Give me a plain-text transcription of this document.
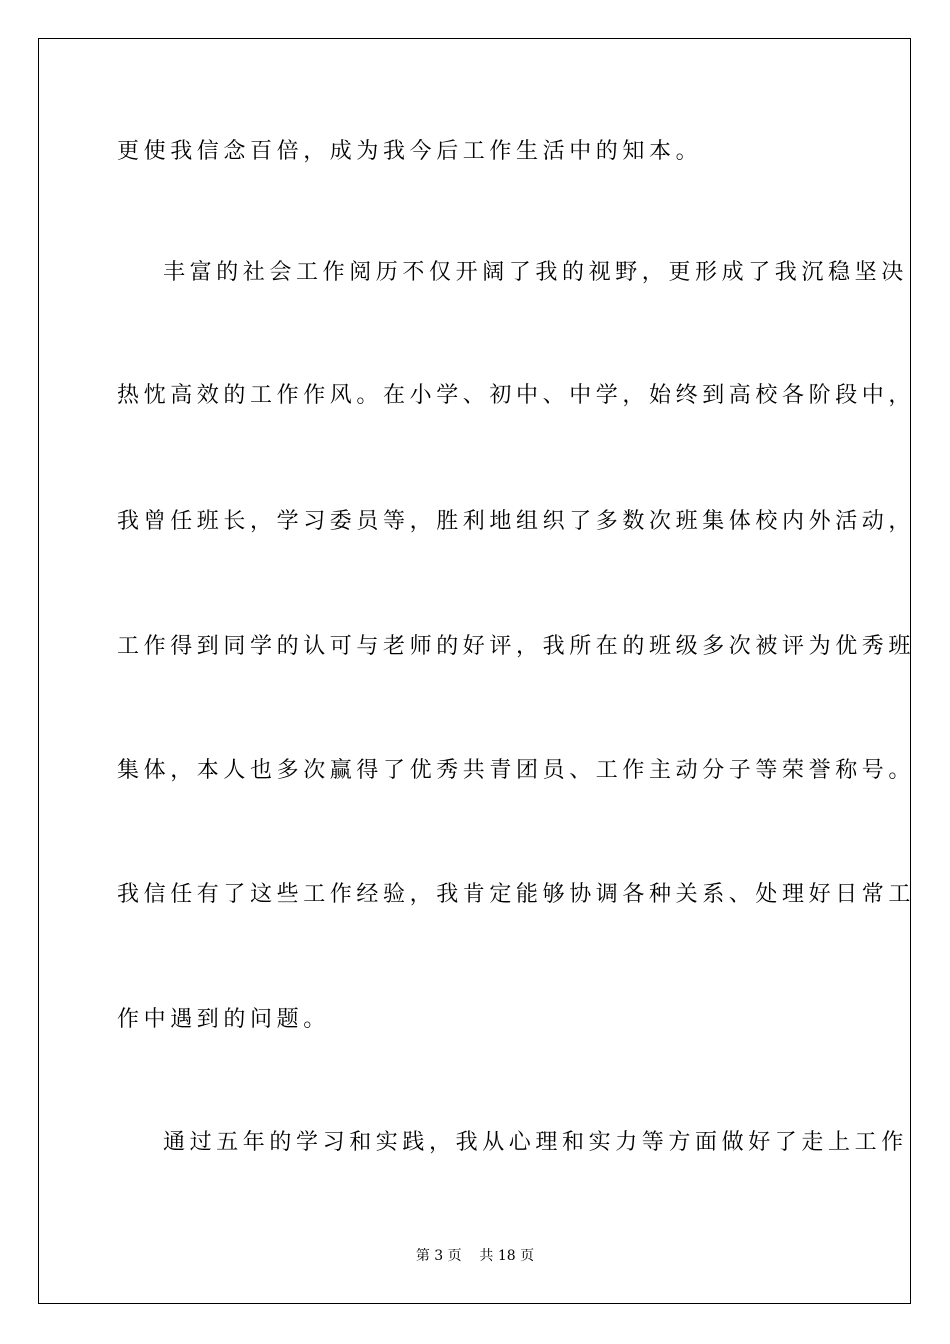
更使我信念百倍，成为我今后工作生活中的知本。
丰富的社会工作阅历不仅开阔了我的视野，更形成了我沉稳坚决
热忱高效的工作作风。在小学、初中、中学，始终到高校各阶段中，
我曾任班长，学习委员等，胜利地组织了多数次班集体校内外活动，
工作得到同学的认可与老师的好评，我所在的班级多次被评为优秀班
集体，本人也多次赢得了优秀共青团员、工作主动分子等荣誉称号。
我信任有了这些工作经验，我肯定能够协调各种关系、处理好日常工
作中遇到的问题。
通过五年的学习和实践，我从心理和实力等方面做好了走上工作
第 3 页    共 18 页
